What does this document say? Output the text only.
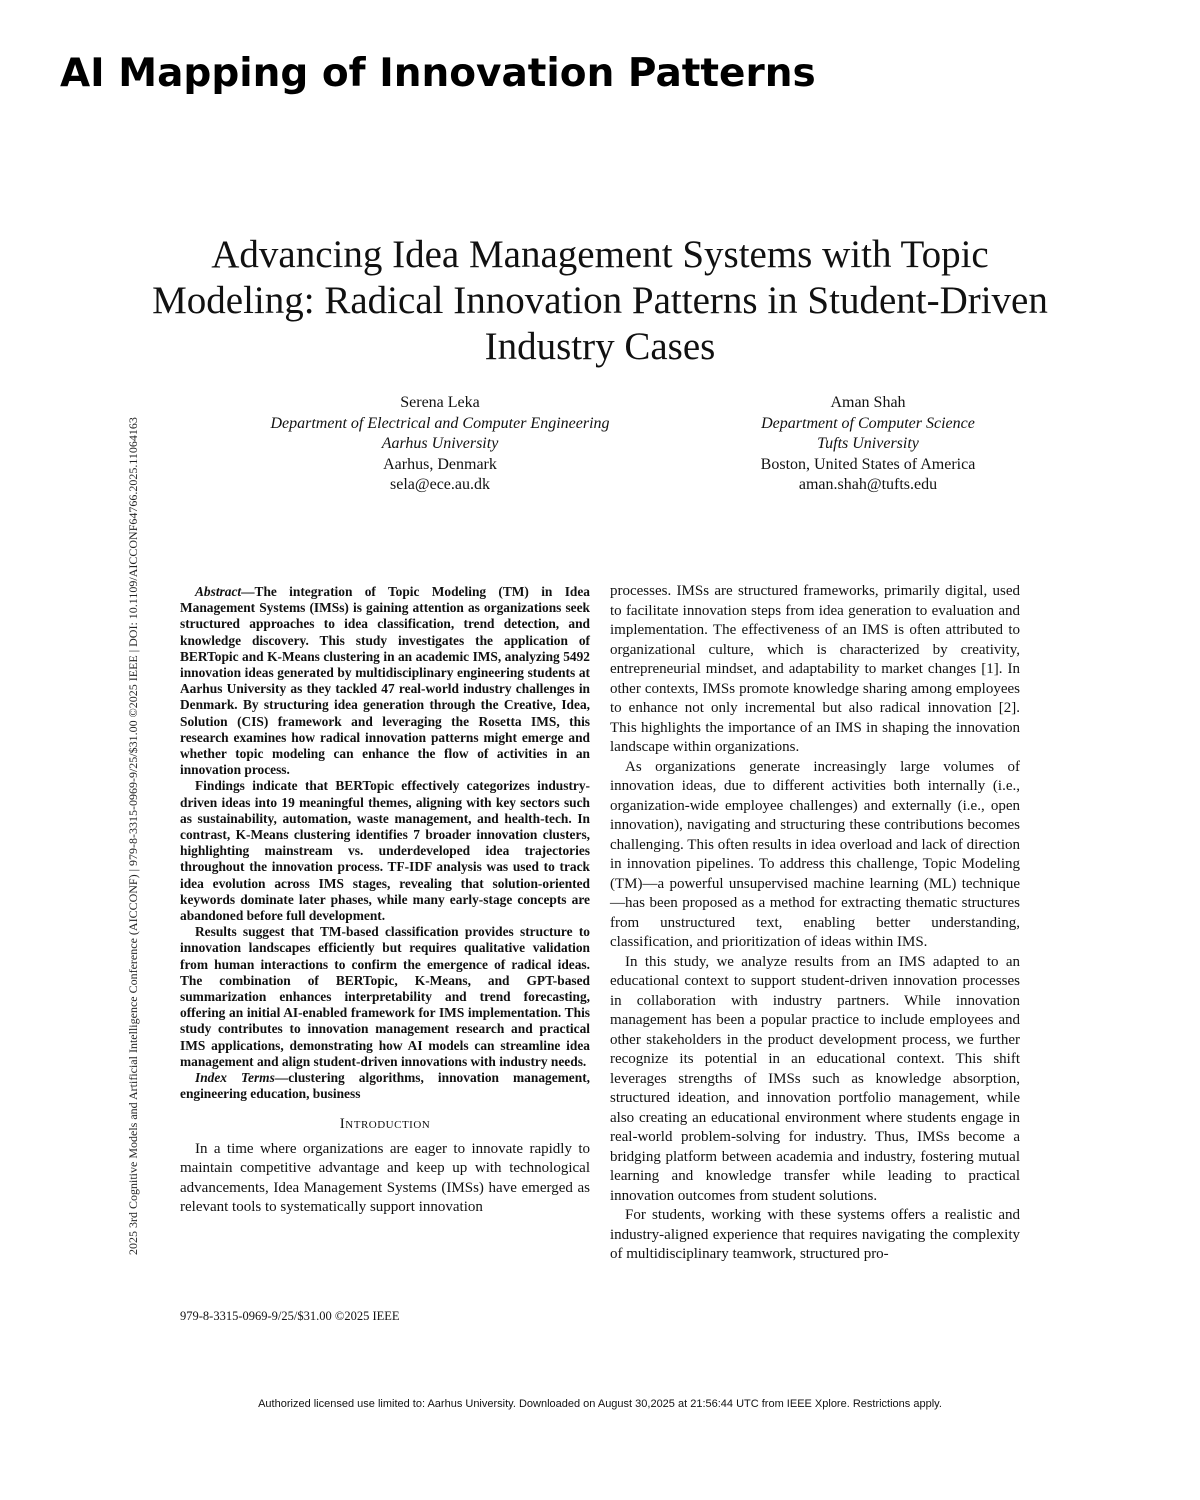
AI Mapping of Innovation Patterns
Advancing Idea Management Systems with Topic Modeling: Radical Innovation Patterns in Student-Driven Industry Cases
Serena Leka
Department of Electrical and Computer Engineering
Aarhus University
Aarhus, Denmark
sela@ece.au.dk
Aman Shah
Department of Computer Science
Tufts University
Boston, United States of America
aman.shah@tufts.edu
2025 3rd Cognitive Models and Artificial Intelligence Conference (AICCONF) | 979-8-3315-0969-9/25/$31.00 ©2025 IEEE | DOI: 10.1109/AICCONF64766.2025.11064163	Abstract—The integration of Topic Modeling (TM) in Idea Management Systems (IMSs) is gaining attention as organizations seek structured approaches to idea classification, trend detection, and knowledge discovery. This study investigates the application of BERTopic and K-Means clustering in an academic IMS, analyzing 5492 innovation ideas generated by multidisciplinary engineering students at Aarhus University as they tackled 47 real-world industry challenges in Denmark. By structuring idea generation through the Creative, Idea, Solution (CIS) framework and leveraging the Rosetta IMS, this research examines how radical innovation patterns might emerge and whether topic modeling can enhance the flow of activities in an innovation process.

Findings indicate that BERTopic effectively categorizes industry-driven ideas into 19 meaningful themes, aligning with key sectors such as sustainability, automation, waste management, and health-tech. In contrast, K-Means clustering identifies 7 broader innovation clusters, highlighting mainstream vs. underdeveloped idea trajectories throughout the innovation process. TF-IDF analysis was used to track idea evolution across IMS stages, revealing that solution-oriented keywords dominate later phases, while many early-stage concepts are abandoned before full development.

Results suggest that TM-based classification provides structure to innovation landscapes efficiently but requires qualitative validation from human interactions to confirm the emergence of radical ideas. The combination of BERTopic, K-Means, and GPT-based summarization enhances interpretability and trend forecasting, offering an initial AI-enabled framework for IMS implementation. This study contributes to innovation management research and practical IMS applications, demonstrating how AI models can streamline idea management and align student-driven innovations with industry needs.

Index Terms—clustering algorithms, innovation management, engineering education, business

Introduction

In a time where organizations are eager to innovate rapidly to maintain competitive advantage and keep up with technological advancements, Idea Management Systems (IMSs) have emerged as relevant tools to systematically support innovation

processes. IMSs are structured frameworks, primarily digital, used to facilitate innovation steps from idea generation to evaluation and implementation. The effectiveness of an IMS is often attributed to organizational culture, which is characterized by creativity, entrepreneurial mindset, and adaptability to market changes [1]. In other contexts, IMSs promote knowledge sharing among employees to enhance not only incremental but also radical innovation [2]. This highlights the importance of an IMS in shaping the innovation landscape within organizations.

As organizations generate increasingly large volumes of innovation ideas, due to different activities both internally (i.e., organization-wide employee challenges) and externally (i.e., open innovation), navigating and structuring these contributions becomes challenging. This often results in idea overload and lack of direction in innovation pipelines. To address this challenge, Topic Modeling (TM)—a powerful unsupervised machine learning (ML) technique—has been proposed as a method for extracting thematic structures from unstructured text, enabling better understanding, classification, and prioritization of ideas within IMS.

In this study, we analyze results from an IMS adapted to an educational context to support student-driven innovation processes in collaboration with industry partners. While innovation management has been a popular practice to include employees and other stakeholders in the product development process, we further recognize its potential in an educational context. This shift leverages strengths of IMSs such as knowledge absorption, structured ideation, and innovation portfolio management, while also creating an educational environment where students engage in real-world problem-solving for industry. Thus, IMSs become a bridging platform between academia and industry, fostering mutual learning and knowledge transfer while leading to practical innovation outcomes from student solutions.

For students, working with these systems offers a realistic and industry-aligned experience that requires navigating the complexity of multidisciplinary teamwork, structured pro-

979-8-3315-0969-9/25/$31.00 ©2025 IEEE
Authorized licensed use limited to: Aarhus University. Downloaded on August 30,2025 at 21:56:44 UTC from IEEE Xplore. Restrictions apply.
